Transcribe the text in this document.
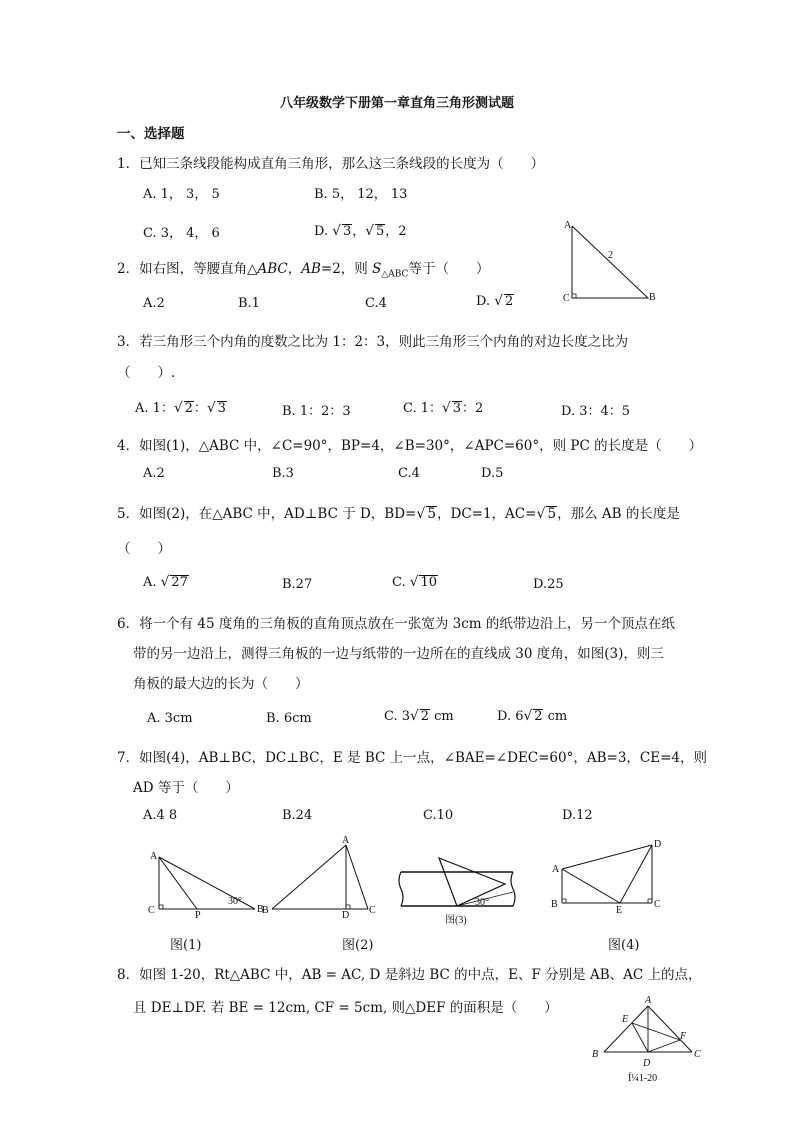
八年级数学下册第一章直角三角形测试题
一、选择题
1．已知三条线段能构成直角三角形，那么这三条线段的长度为（　　）
A. 1， 3， 5	B. 5， 12， 13
C. 3， 4， 6	D. √ 3，√ 5，2	A
C	B
2
2．如右图，等腰直角△ABC，AB=2，则 $S_{\triangle ABC}$等于（　　）
A.2	B.1	C.4	D. √ 2
3．若三角形三个内角的度数之比为 1：2：3，则此三角形三个内角的对边长度之比为
（　　）.
A. 1：√ 2：√ 3	B. 1：2：3	C. 1：√ 3：2	D. 3：4：5
4．如图(1)，△ABC 中，∠C=90°，BP=4，∠B=30°，∠APC=60°，则 PC 的长度是（　　）
A.2	B.3	C.4	D.5
5．如图(2)，在△ABC 中，AD⊥BC 于 D，BD=√ 5，DC=1，AC=√ 5，那么 AB 的长度是
（　　）
A. √ 27	B.27	C. √ 10	D.25
6．将一个有 45 度角的三角板的直角顶点放在一张宽为 3cm 的纸带边沿上，另一个顶点在纸
带的另一边沿上，测得三角板的一边与纸带的一边所在的直线成 30 度角，如图(3)，则三
角板的最大边的长为（　　）
A. 3cm	B. 6cm	C. 3√ 2 cm	D. 6√ 2 cm
7．如图(4)，AB⊥BC，DC⊥BC，E 是 BC 上一点，∠BAE=∠DEC=60°，AB=3，CE=4，则
AD 等于（　　）
A.4 8	B.24	C.10	D.12
A
C	P
B
30°
图(1)
A
B	D C
图(2)
30°
图(3)
A
B
E
C
D
图(4)
8．如图 1-20，Rt△ABC 中，AB = AC, D 是斜边 BC 的中点，E、F 分别是 AB、AC 上的点，
且 DE⊥DF. 若 BE = 12cm, CF = 5cm, 则△DEF 的面积是（　　）	A
E
F
B	C
D
Í¼1-20
